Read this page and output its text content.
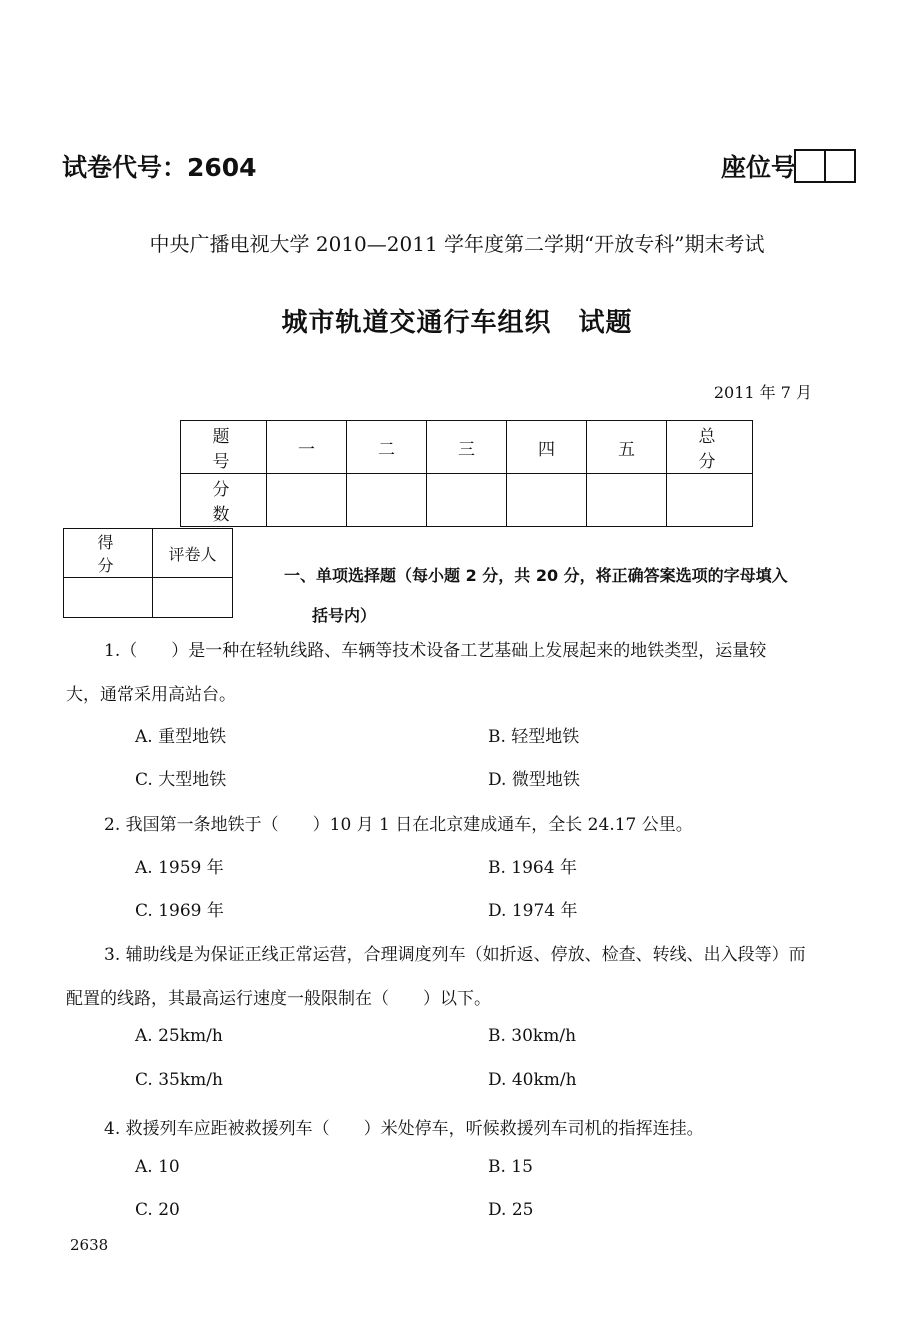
试卷代号：2604	座位号
中央广播电视大学 2010—2011 学年度第二学期“开放专科”期末考试
城市轨道交通行车组织　试题
2011 年 7 月
题　号	一	二	三	四	五	总　分
分　数						
得　分	评卷人

一、单项选择题（每小题 2 分，共 20 分，将正确答案选项的字母填入
括号内）
1.（　　）是一种在轻轨线路、车辆等技术设备工艺基础上发展起来的地铁类型，运量较
大，通常采用高站台。
A. 重型地铁	B. 轻型地铁
C. 大型地铁	D. 微型地铁
2. 我国第一条地铁于（　　）10 月 1 日在北京建成通车，全长 24.17 公里。
A. 1959 年	B. 1964 年
C. 1969 年	D. 1974 年
3. 辅助线是为保证正线正常运营，合理调度列车（如折返、停放、检查、转线、出入段等）而
配置的线路，其最高运行速度一般限制在（　　）以下。
A. 25km/h	B. 30km/h
C. 35km/h	D. 40km/h
4. 救援列车应距被救援列车（　　）米处停车，听候救援列车司机的指挥连挂。
A. 10	B. 15
C. 20	D. 25
2638
